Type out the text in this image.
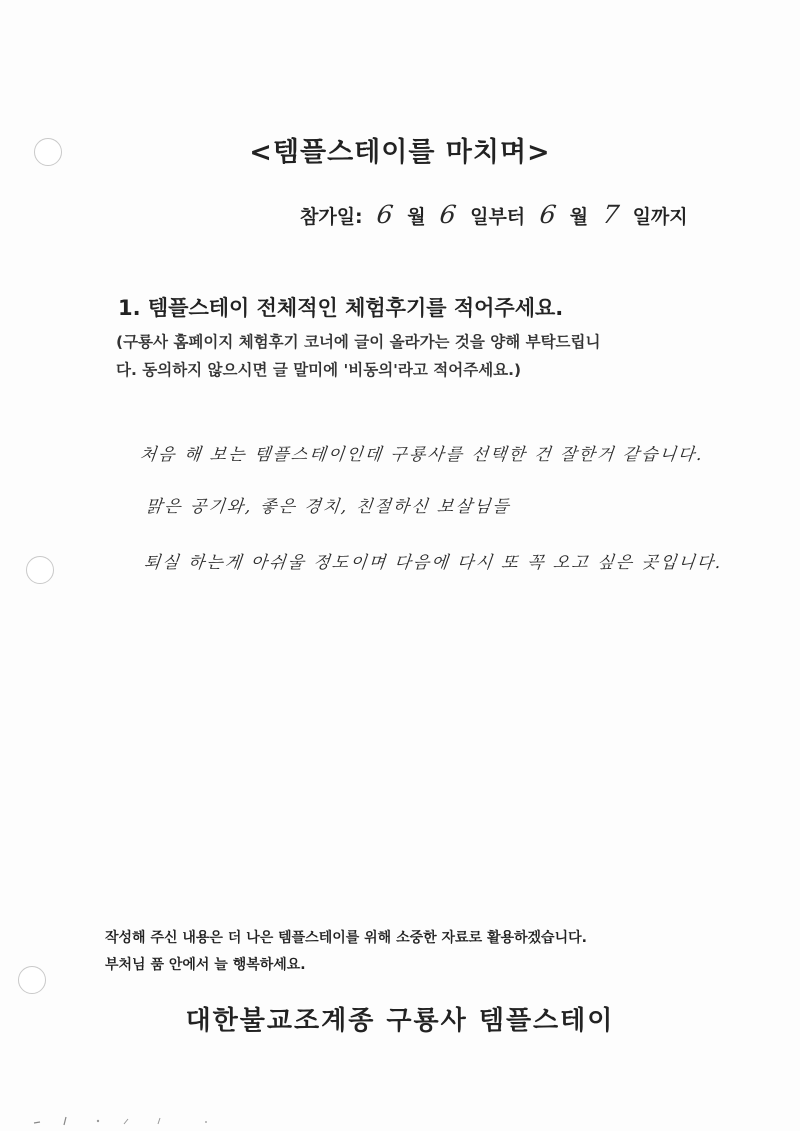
<템플스테이를 마치며>
참가일: 6 월 6 일부터 6 월 7 일까지
1. 템플스테이 전체적인 체험후기를 적어주세요.
(구룡사 홈페이지 체험후기 코너에 글이 올라가는 것을 양해 부탁드립니
다. 동의하지 않으시면 글 말미에 '비동의'라고 적어주세요.)
처음 해 보는 템플스테이인데 구룡사를 선택한 건 잘한거 같습니다.
맑은 공기와, 좋은 경치, 친절하신 보살님들
퇴실 하는게 아쉬울 정도이며 다음에 다시 또 꼭 오고 싶은 곳입니다.
작성해 주신 내용은 더 나은 템플스테이를 위해 소중한 자료로 활용하겠습니다.
부처님 품 안에서 늘 행복하세요.
대한불교조계종 구룡사 템플스테이
